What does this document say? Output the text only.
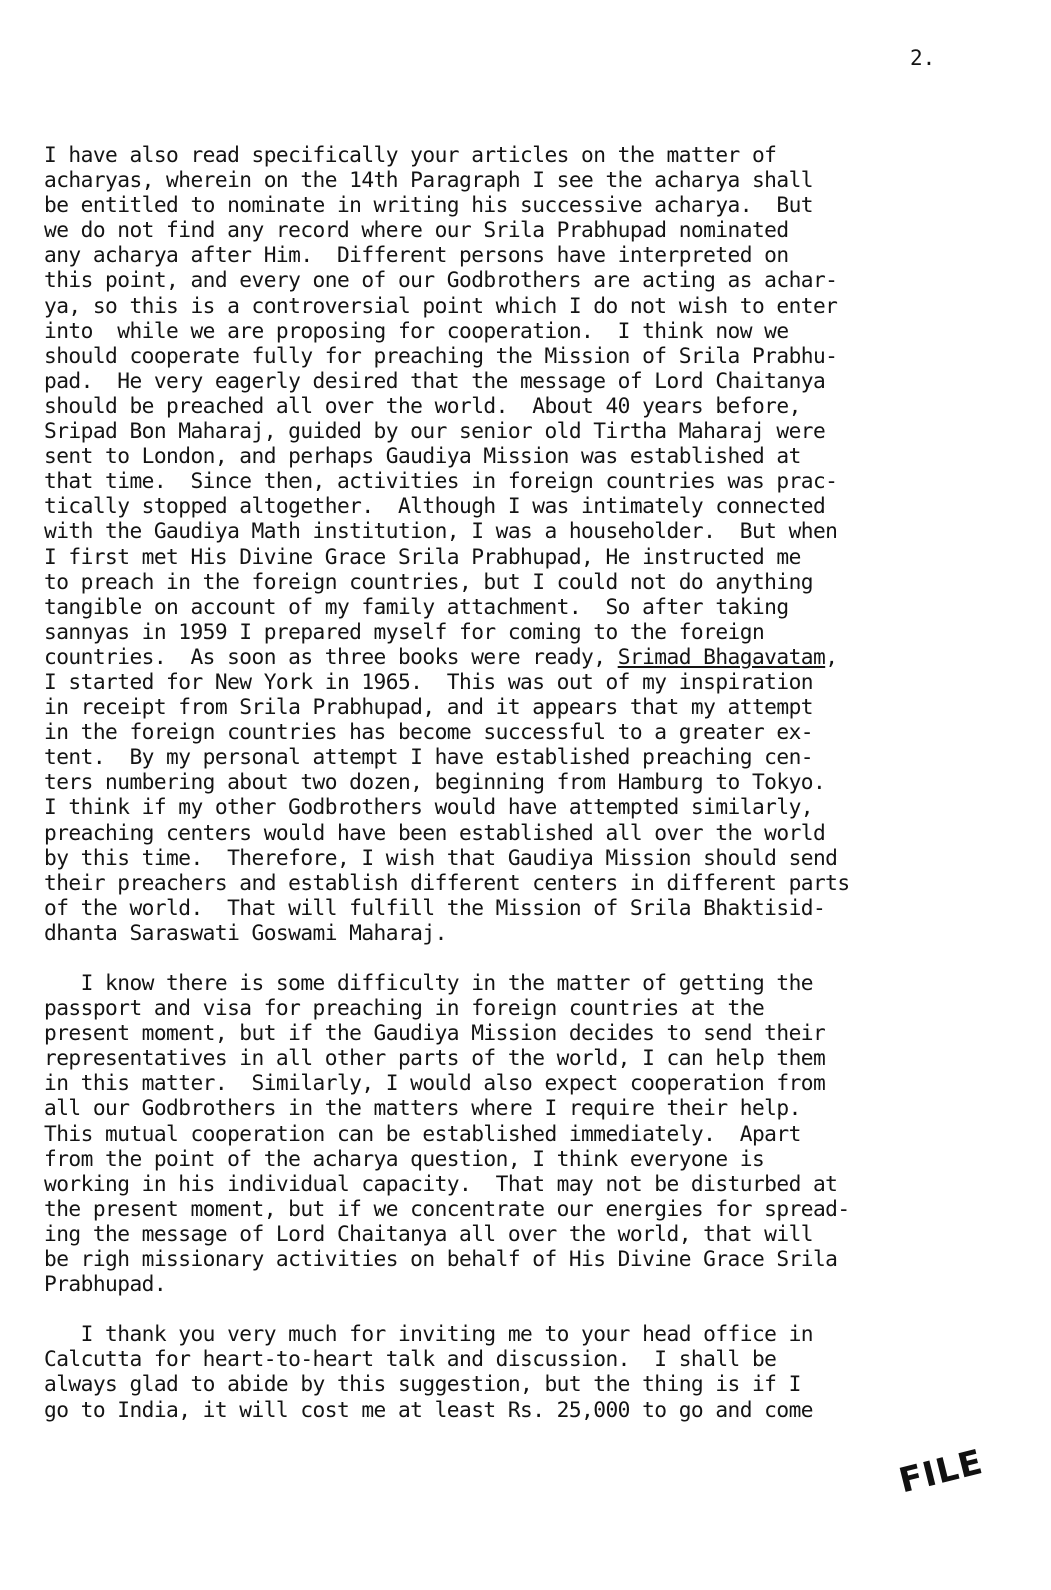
2.
I have also read specifically your articles on the matter of
acharyas, wherein on the 14th Paragraph I see the acharya shall
be entitled to nominate in writing his successive acharya.  But
we do not find any record where our Srila Prabhupad nominated
any acharya after Him.  Different persons have interpreted on
this point, and every one of our Godbrothers are acting as achar-
ya, so this is a controversial point which I do not wish to enter
into  while we are proposing for cooperation.  I think now we
should cooperate fully for preaching the Mission of Srila Prabhu-
pad.  He very eagerly desired that the message of Lord Chaitanya
should be preached all over the world.  About 40 years before,
Sripad Bon Maharaj, guided by our senior old Tirtha Maharaj were
sent to London, and perhaps Gaudiya Mission was established at
that time.  Since then, activities in foreign countries was prac-
tically stopped altogether.  Although I was intimately connected
with the Gaudiya Math institution, I was a householder.  But when
I first met His Divine Grace Srila Prabhupad, He instructed me
to preach in the foreign countries, but I could not do anything
tangible on account of my family attachment.  So after taking
sannyas in 1959 I prepared myself for coming to the foreign
countries.  As soon as three books were ready, Srimad Bhagavatam,
I started for New York in 1965.  This was out of my inspiration
in receipt from Srila Prabhupad, and it appears that my attempt
in the foreign countries has become successful to a greater ex-
tent.  By my personal attempt I have established preaching cen-
ters numbering about two dozen, beginning from Hamburg to Tokyo.
I think if my other Godbrothers would have attempted similarly,
preaching centers would have been established all over the world
by this time.  Therefore, I wish that Gaudiya Mission should send
their preachers and establish different centers in different parts
of the world.  That will fulfill the Mission of Srila Bhaktisid-
dhanta Saraswati Goswami Maharaj.
I know there is some difficulty in the matter of getting the
passport and visa for preaching in foreign countries at the
present moment, but if the Gaudiya Mission decides to send their
representatives in all other parts of the world, I can help them
in this matter.  Similarly, I would also expect cooperation from
all our Godbrothers in the matters where I require their help.
This mutual cooperation can be established immediately.  Apart
from the point of the acharya question, I think everyone is
working in his individual capacity.  That may not be disturbed at
the present moment, but if we concentrate our energies for spread-
ing the message of Lord Chaitanya all over the world, that will
be righ missionary activities on behalf of His Divine Grace Srila
Prabhupad.
I thank you very much for inviting me to your head office in
Calcutta for heart-to-heart talk and discussion.  I shall be
always glad to abide by this suggestion, but the thing is if I
go to India, it will cost me at least Rs. 25,000 to go and come
FILE
